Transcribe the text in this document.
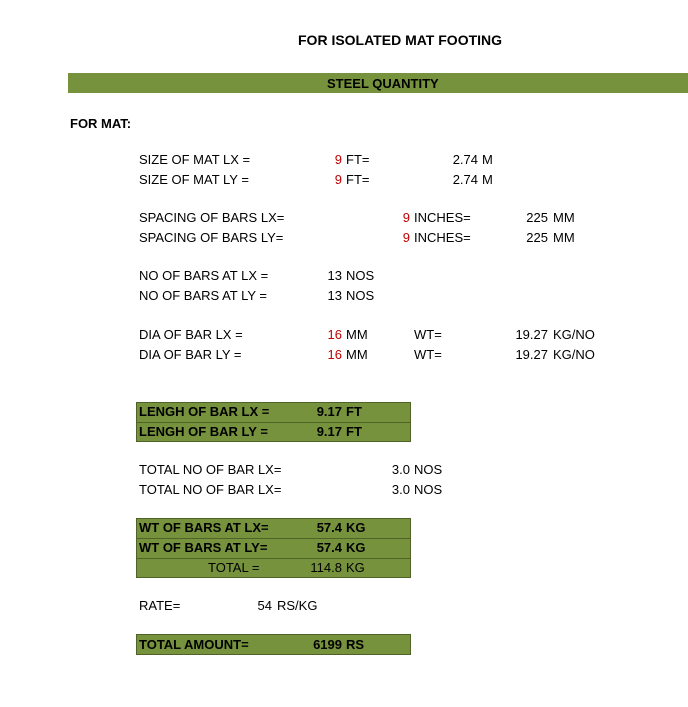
FOR ISOLATED MAT FOOTING
STEEL QUANTITY
FOR MAT:
SIZE OF MAT LX =	9 FT=	2.74 M
SIZE OF MAT LY =	9 FT=	2.74 M
SPACING OF BARS LX=	9 INCHES=	225 MM
SPACING OF BARS LY=	9 INCHES=	225 MM
NO OF BARS AT LX =	13 NOS
NO OF BARS AT LY =	13 NOS
DIA OF BAR LX =	16 MM	WT=	19.27 KG/NO
DIA OF BAR LY =	16 MM	WT=	19.27 KG/NO
LENGH OF BAR LX =	9.17 FT
LENGH OF BAR LY =	9.17 FT
TOTAL NO OF BAR LX=	3.0 NOS
TOTAL NO OF BAR LX=	3.0 NOS
WT OF BARS AT LX=	57.4 KG
WT OF BARS AT LY=	57.4 KG
TOTAL =	114.8 KG
RATE=	54 RS/KG
TOTAL AMOUNT=	6199 RS
